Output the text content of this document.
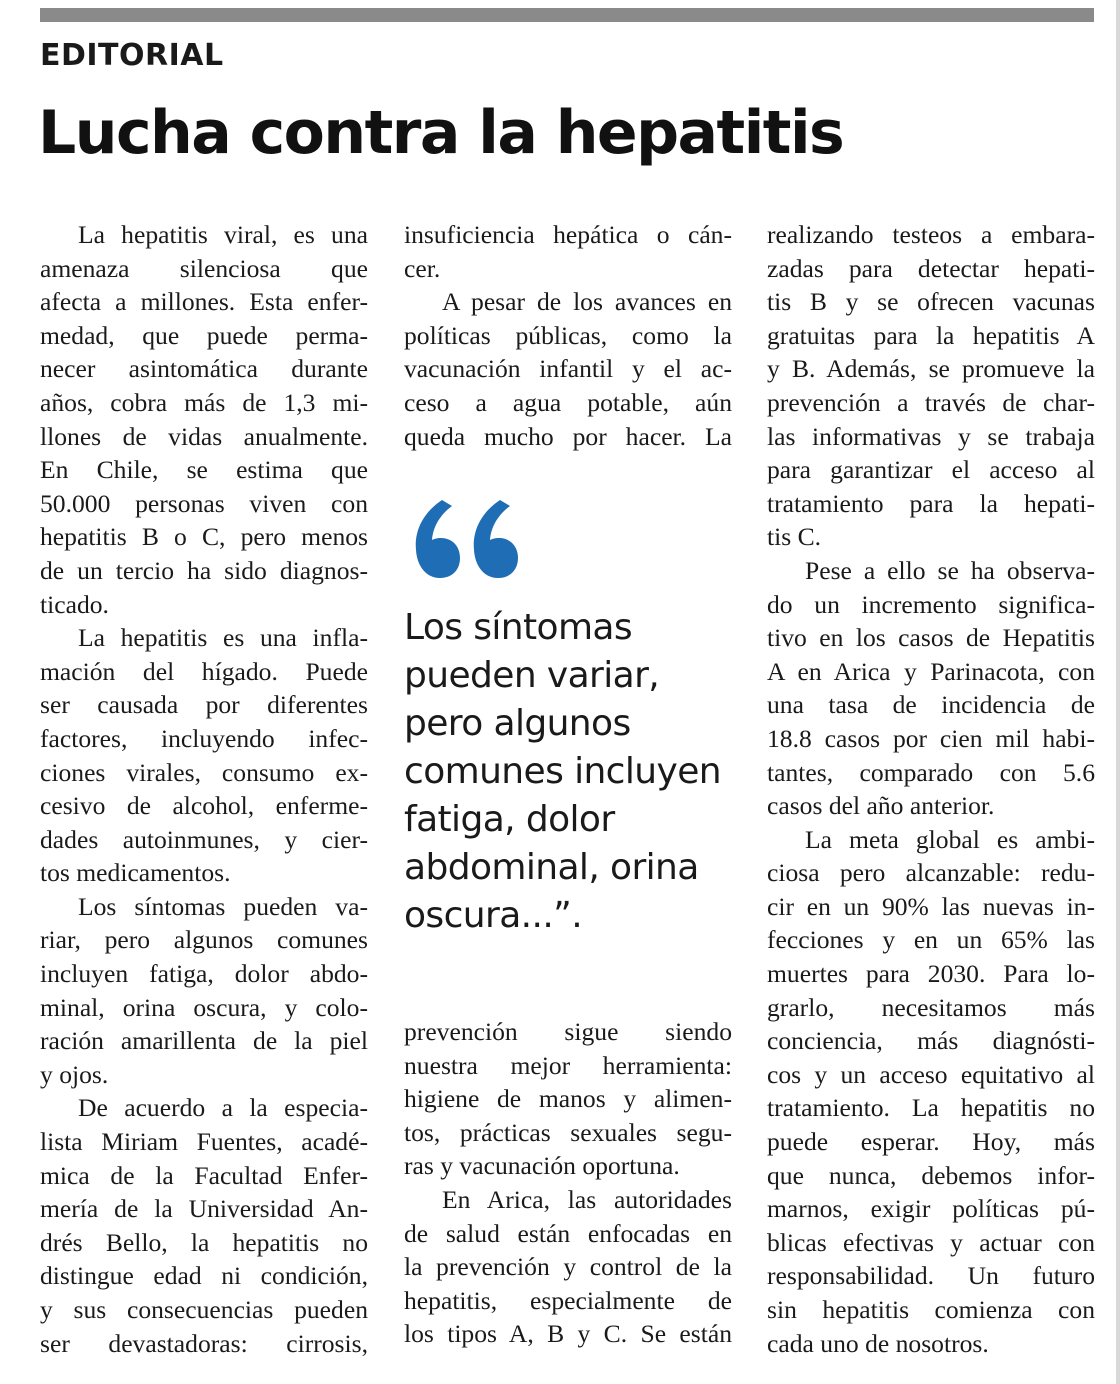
EDITORIAL
Lucha contra la hepatitis
La hepatitis viral, es una
amenaza silenciosa que
afecta a millones. Esta enfer-
medad, que puede perma-
necer asintomática durante
años, cobra más de 1,3 mi-
llones de vidas anualmente.
En Chile, se estima que
50.000 personas viven con
hepatitis B o C, pero menos
de un tercio ha sido diagnos-
ticado.
La hepatitis es una infla-
mación del hígado. Puede
ser causada por diferentes
factores, incluyendo infec-
ciones virales, consumo ex-
cesivo de alcohol, enferme-
dades autoinmunes, y cier-
tos medicamentos.
Los síntomas pueden va-
riar, pero algunos comunes
incluyen fatiga, dolor abdo-
minal, orina oscura, y colo-
ración amarillenta de la piel
y ojos.
De acuerdo a la especia-
lista Miriam Fuentes, acadé-
mica de la Facultad Enfer-
mería de la Universidad An-
drés Bello, la hepatitis no
distingue edad ni condición,
y sus consecuencias pueden
ser devastadoras: cirrosis,
insuficiencia hepática o cán-
cer.
A pesar de los avances en
políticas públicas, como la
vacunación infantil y el ac-
ceso a agua potable, aún
queda mucho por hacer. La
Los síntomas
pueden variar,
pero algunos
comunes incluyen
fatiga, dolor
abdominal, orina
oscura...”.
prevención sigue siendo
nuestra mejor herramienta:
higiene de manos y alimen-
tos, prácticas sexuales segu-
ras y vacunación oportuna.
En Arica, las autoridades
de salud están enfocadas en
la prevención y control de la
hepatitis, especialmente de
los tipos A, B y C. Se están
realizando testeos a embara-
zadas para detectar hepati-
tis B y se ofrecen vacunas
gratuitas para la hepatitis A
y B. Además, se promueve la
prevención a través de char-
las informativas y se trabaja
para garantizar el acceso al
tratamiento para la hepati-
tis C.
Pese a ello se ha observa-
do un incremento significa-
tivo en los casos de Hepatitis
A en Arica y Parinacota, con
una tasa de incidencia de
18.8 casos por cien mil habi-
tantes, comparado con 5.6
casos del año anterior.
La meta global es ambi-
ciosa pero alcanzable: redu-
cir en un 90% las nuevas in-
fecciones y en un 65% las
muertes para 2030. Para lo-
grarlo, necesitamos más
conciencia, más diagnósti-
cos y un acceso equitativo al
tratamiento. La hepatitis no
puede esperar. Hoy, más
que nunca, debemos infor-
marnos, exigir políticas pú-
blicas efectivas y actuar con
responsabilidad. Un futuro
sin hepatitis comienza con
cada uno de nosotros.
